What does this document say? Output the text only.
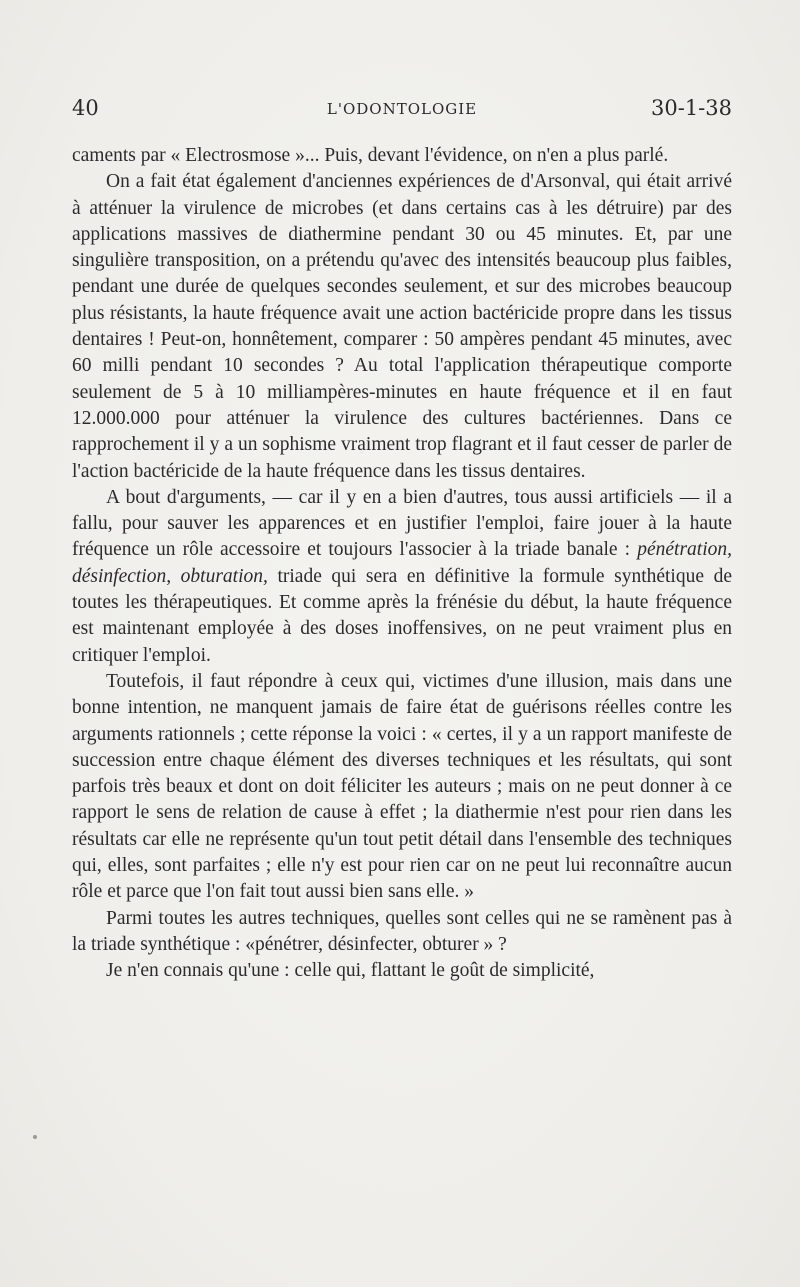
40	L'ODONTOLOGIE	30-1-38

caments par « Electrosmose »... Puis, devant l'évidence, on n'en a plus parlé.

On a fait état également d'anciennes expériences de d'Arsonval, qui était arrivé à atténuer la virulence de microbes (et dans certains cas à les détruire) par des applications massives de diathermine pendant 30 ou 45 minutes. Et, par une singulière transposition, on a prétendu qu'avec des intensités beaucoup plus faibles, pendant une durée de quelques secondes seulement, et sur des microbes beaucoup plus résistants, la haute fréquence avait une action bactéricide propre dans les tissus dentaires ! Peut-on, honnêtement, comparer : 50 ampères pendant 45 minutes, avec 60 milli pendant 10 secondes ? Au total l'application thérapeutique comporte seulement de 5 à 10 milliampères-minutes en haute fréquence et il en faut 12.000.000 pour atténuer la virulence des cultures bactériennes. Dans ce rapprochement il y a un sophisme vraiment trop flagrant et il faut cesser de parler de l'action bactéricide de la haute fréquence dans les tissus dentaires.

A bout d'arguments, — car il y en a bien d'autres, tous aussi artificiels — il a fallu, pour sauver les apparences et en justifier l'emploi, faire jouer à la haute fréquence un rôle accessoire et toujours l'associer à la triade banale : pénétration, désinfection, obturation, triade qui sera en définitive la formule synthétique de toutes les thérapeutiques. Et comme après la frénésie du début, la haute fréquence est maintenant employée à des doses inoffensives, on ne peut vraiment plus en critiquer l'emploi.

Toutefois, il faut répondre à ceux qui, victimes d'une illusion, mais dans une bonne intention, ne manquent jamais de faire état de guérisons réelles contre les arguments rationnels ; cette réponse la voici : « certes, il y a un rapport manifeste de succession entre chaque élément des diverses techniques et les résultats, qui sont parfois très beaux et dont on doit féliciter les auteurs ; mais on ne peut donner à ce rapport le sens de relation de cause à effet ; la diathermie n'est pour rien dans les résultats car elle ne représente qu'un tout petit détail dans l'ensemble des techniques qui, elles, sont parfaites ; elle n'y est pour rien car on ne peut lui reconnaître aucun rôle et parce que l'on fait tout aussi bien sans elle. »

Parmi toutes les autres techniques, quelles sont celles qui ne se ramènent pas à la triade synthétique : «pénétrer, désinfecter, obturer » ?

Je n'en connais qu'une : celle qui, flattant le goût de simplicité,
